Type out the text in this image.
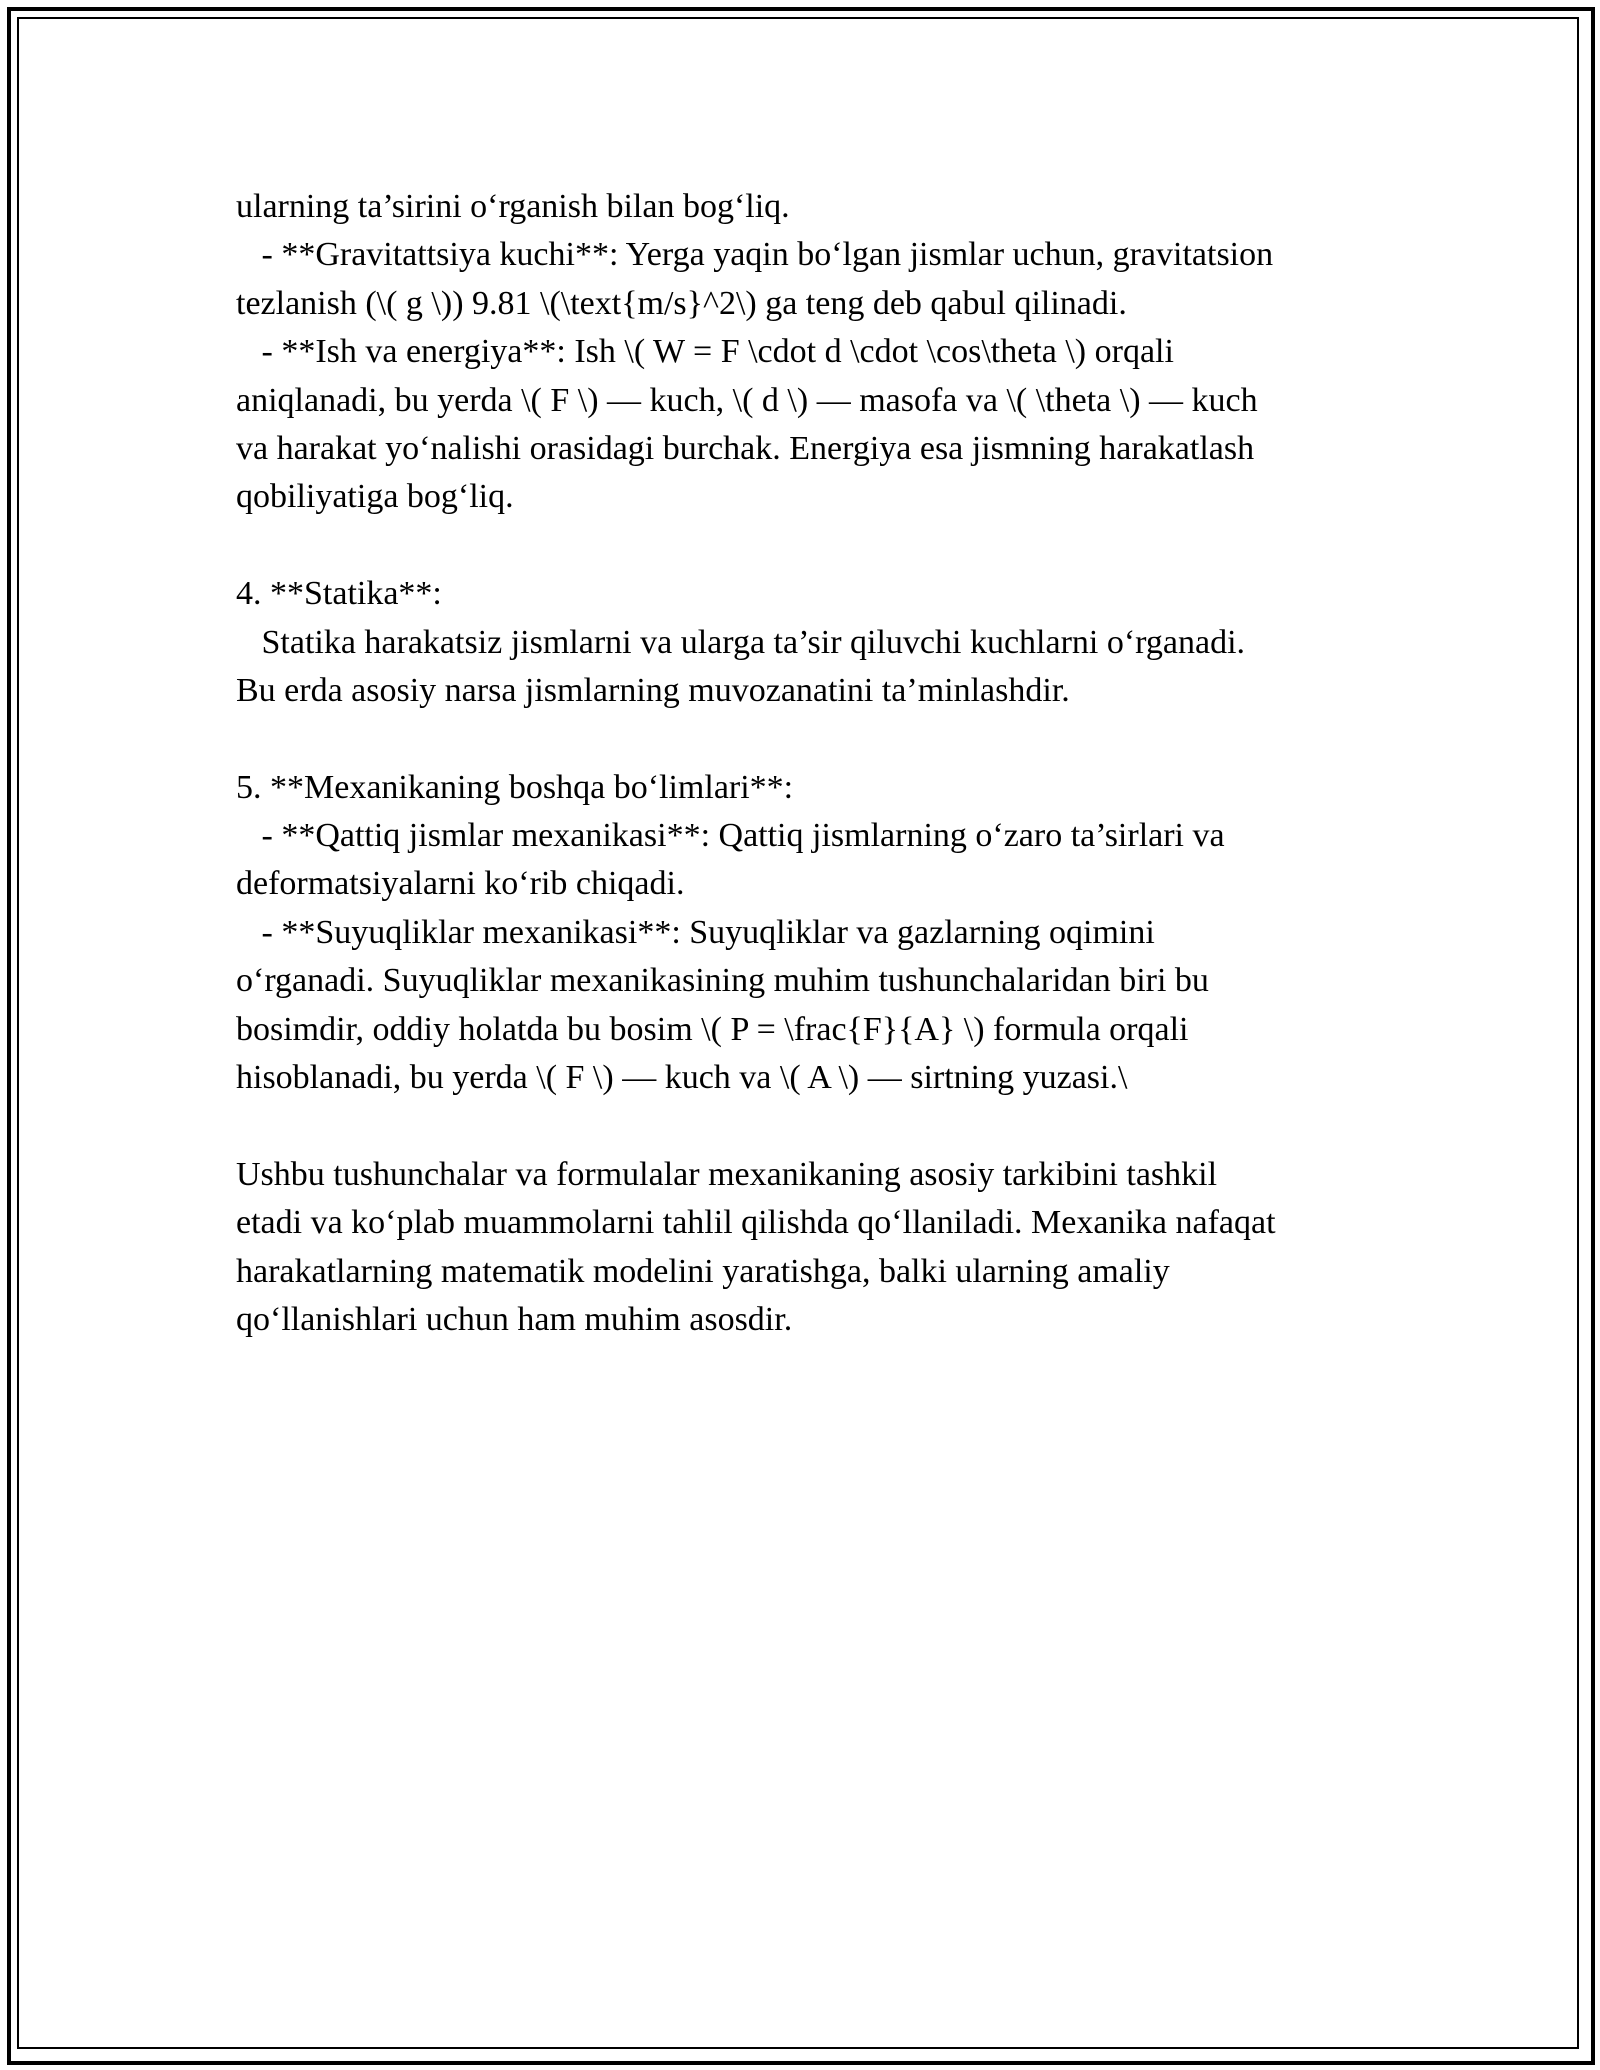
ularning ta’sirini o‘rganish bilan bog‘liq.
- **Gravitattsiya kuchi**: Yerga yaqin bo‘lgan jismlar uchun, gravitatsion
tezlanish (\( g \)) 9.81 \(\text{m/s}^2\) ga teng deb qabul qilinadi.
- **Ish va energiya**: Ish \( W = F \cdot d \cdot \cos\theta \) orqali
aniqlanadi, bu yerda \( F \) — kuch, \( d \) — masofa va \( \theta \) — kuch
va harakat yo‘nalishi orasidagi burchak. Energiya esa jismning harakatlash
qobiliyatiga bog‘liq.
4. **Statika**:
Statika harakatsiz jismlarni va ularga ta’sir qiluvchi kuchlarni o‘rganadi.
Bu erda asosiy narsa jismlarning muvozanatini ta’minlashdir.
5. **Mexanikaning boshqa bo‘limlari**:
- **Qattiq jismlar mexanikasi**: Qattiq jismlarning o‘zaro ta’sirlari va
deformatsiyalarni ko‘rib chiqadi.
- **Suyuqliklar mexanikasi**: Suyuqliklar va gazlarning oqimini
o‘rganadi. Suyuqliklar mexanikasining muhim tushunchalaridan biri bu
bosimdir, oddiy holatda bu bosim \( P = \frac{F}{A} \) formula orqali
hisoblanadi, bu yerda \( F \) — kuch va \( A \) — sirtning yuzasi.\
Ushbu tushunchalar va formulalar mexanikaning asosiy tarkibini tashkil
etadi va ko‘plab muammolarni tahlil qilishda qo‘llaniladi. Mexanika nafaqat
harakatlarning matematik modelini yaratishga, balki ularning amaliy
qo‘llanishlari uchun ham muhim asosdir.
